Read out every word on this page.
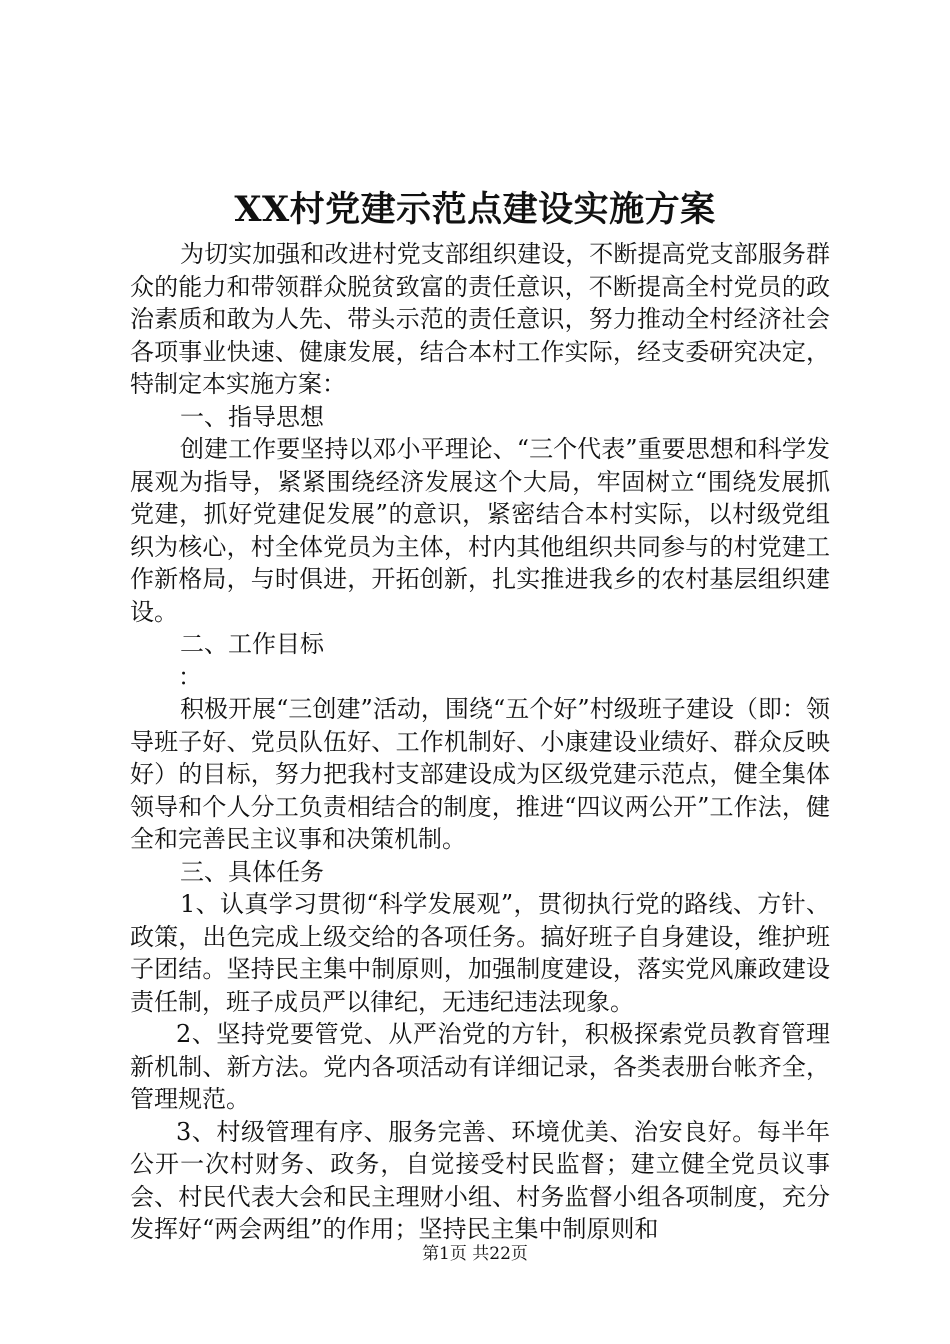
XX村党建示范点建设实施方案

为切实加强和改进村党支部组织建设，不断提高党支部服务群众的能力和带领群众脱贫致富的责任意识，不断提高全村党员的政治素质和敢为人先、带头示范的责任意识，努力推动全村经济社会各项事业快速、健康发展，结合本村工作实际，经支委研究决定，特制定本实施方案：

一、指导思想

创建工作要坚持以邓小平理论、“三个代表”重要思想和科学发展观为指导，紧紧围绕经济发展这个大局，牢固树立“围绕发展抓党建，抓好党建促发展”的意识，紧密结合本村实际，以村级党组织为核心，村全体党员为主体，村内其他组织共同参与的村党建工作新格局，与时俱进，开拓创新，扎实推进我乡的农村基层组织建设。

二、工作目标

：

积极开展“三创建”活动，围绕“五个好”村级班子建设（即：领导班子好、党员队伍好、工作机制好、小康建设业绩好、群众反映好）的目标，努力把我村支部建设成为区级党建示范点，健全集体领导和个人分工负责相结合的制度，推进“四议两公开”工作法，健全和完善民主议事和决策机制。

三、具体任务

1、认真学习贯彻“科学发展观”，贯彻执行党的路线、方针、政策，出色完成上级交给的各项任务。搞好班子自身建设，维护班子团结。坚持民主集中制原则，加强制度建设，落实党风廉政建设责任制，班子成员严以律纪，无违纪违法现象。

2、坚持党要管党、从严治党的方针，积极探索党员教育管理新机制、新方法。党内各项活动有详细记录，各类表册台帐齐全，管理规范。

3、村级管理有序、服务完善、环境优美、治安良好。每半年公开一次村财务、政务，自觉接受村民监督；建立健全党员议事会、村民代表大会和民主理财小组、村务监督小组各项制度，充分发挥好“两会两组”的作用；坚持民主集中制原则和

第1页 共22页
